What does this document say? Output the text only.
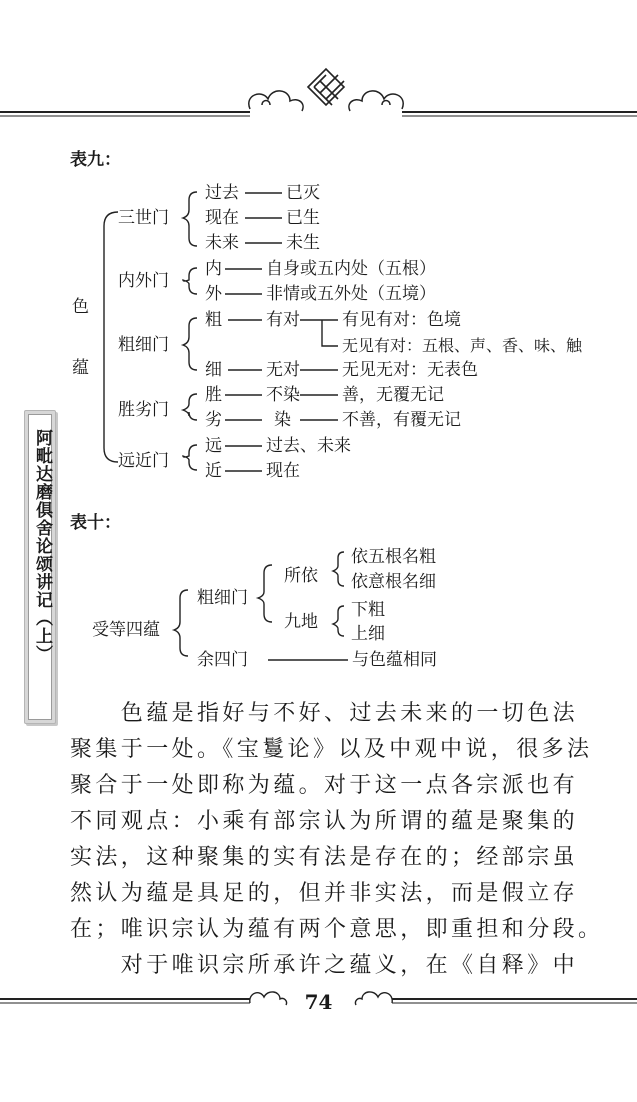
阿毗达磨俱舍论颂讲记（上）
表九：
色
蕴
三世门
过去	已灭
现在	已生
未来	未生
内外门
内	自身或五内处（五根）
外	非情或五外处（五境）
粗细门
粗	有对 有见有对：色境
无见有对：五根、声、香、味、触
细	无对 无见无对：无表色
胜劣门
胜	不染 善，无覆无记
劣	染	不善，有覆无记
远近门
远	过去、未来
近	现在
表十：
受等四蕴
粗细门
所依
依五根名粗
依意根名细
九地
下粗
上细
余四门	与色蕴相同
　　色蕴是指好与不好、过去未来的一切色法
聚集于一处。《宝鬘论》以及中观中说，很多法
聚合于一处即称为蕴。对于这一点各宗派也有
不同观点：小乘有部宗认为所谓的蕴是聚集的
实法，这种聚集的实有法是存在的；经部宗虽
然认为蕴是具足的，但并非实法，而是假立存
在；唯识宗认为蕴有两个意思，即重担和分段。
　　对于唯识宗所承许之蕴义，在《自释》中
74
